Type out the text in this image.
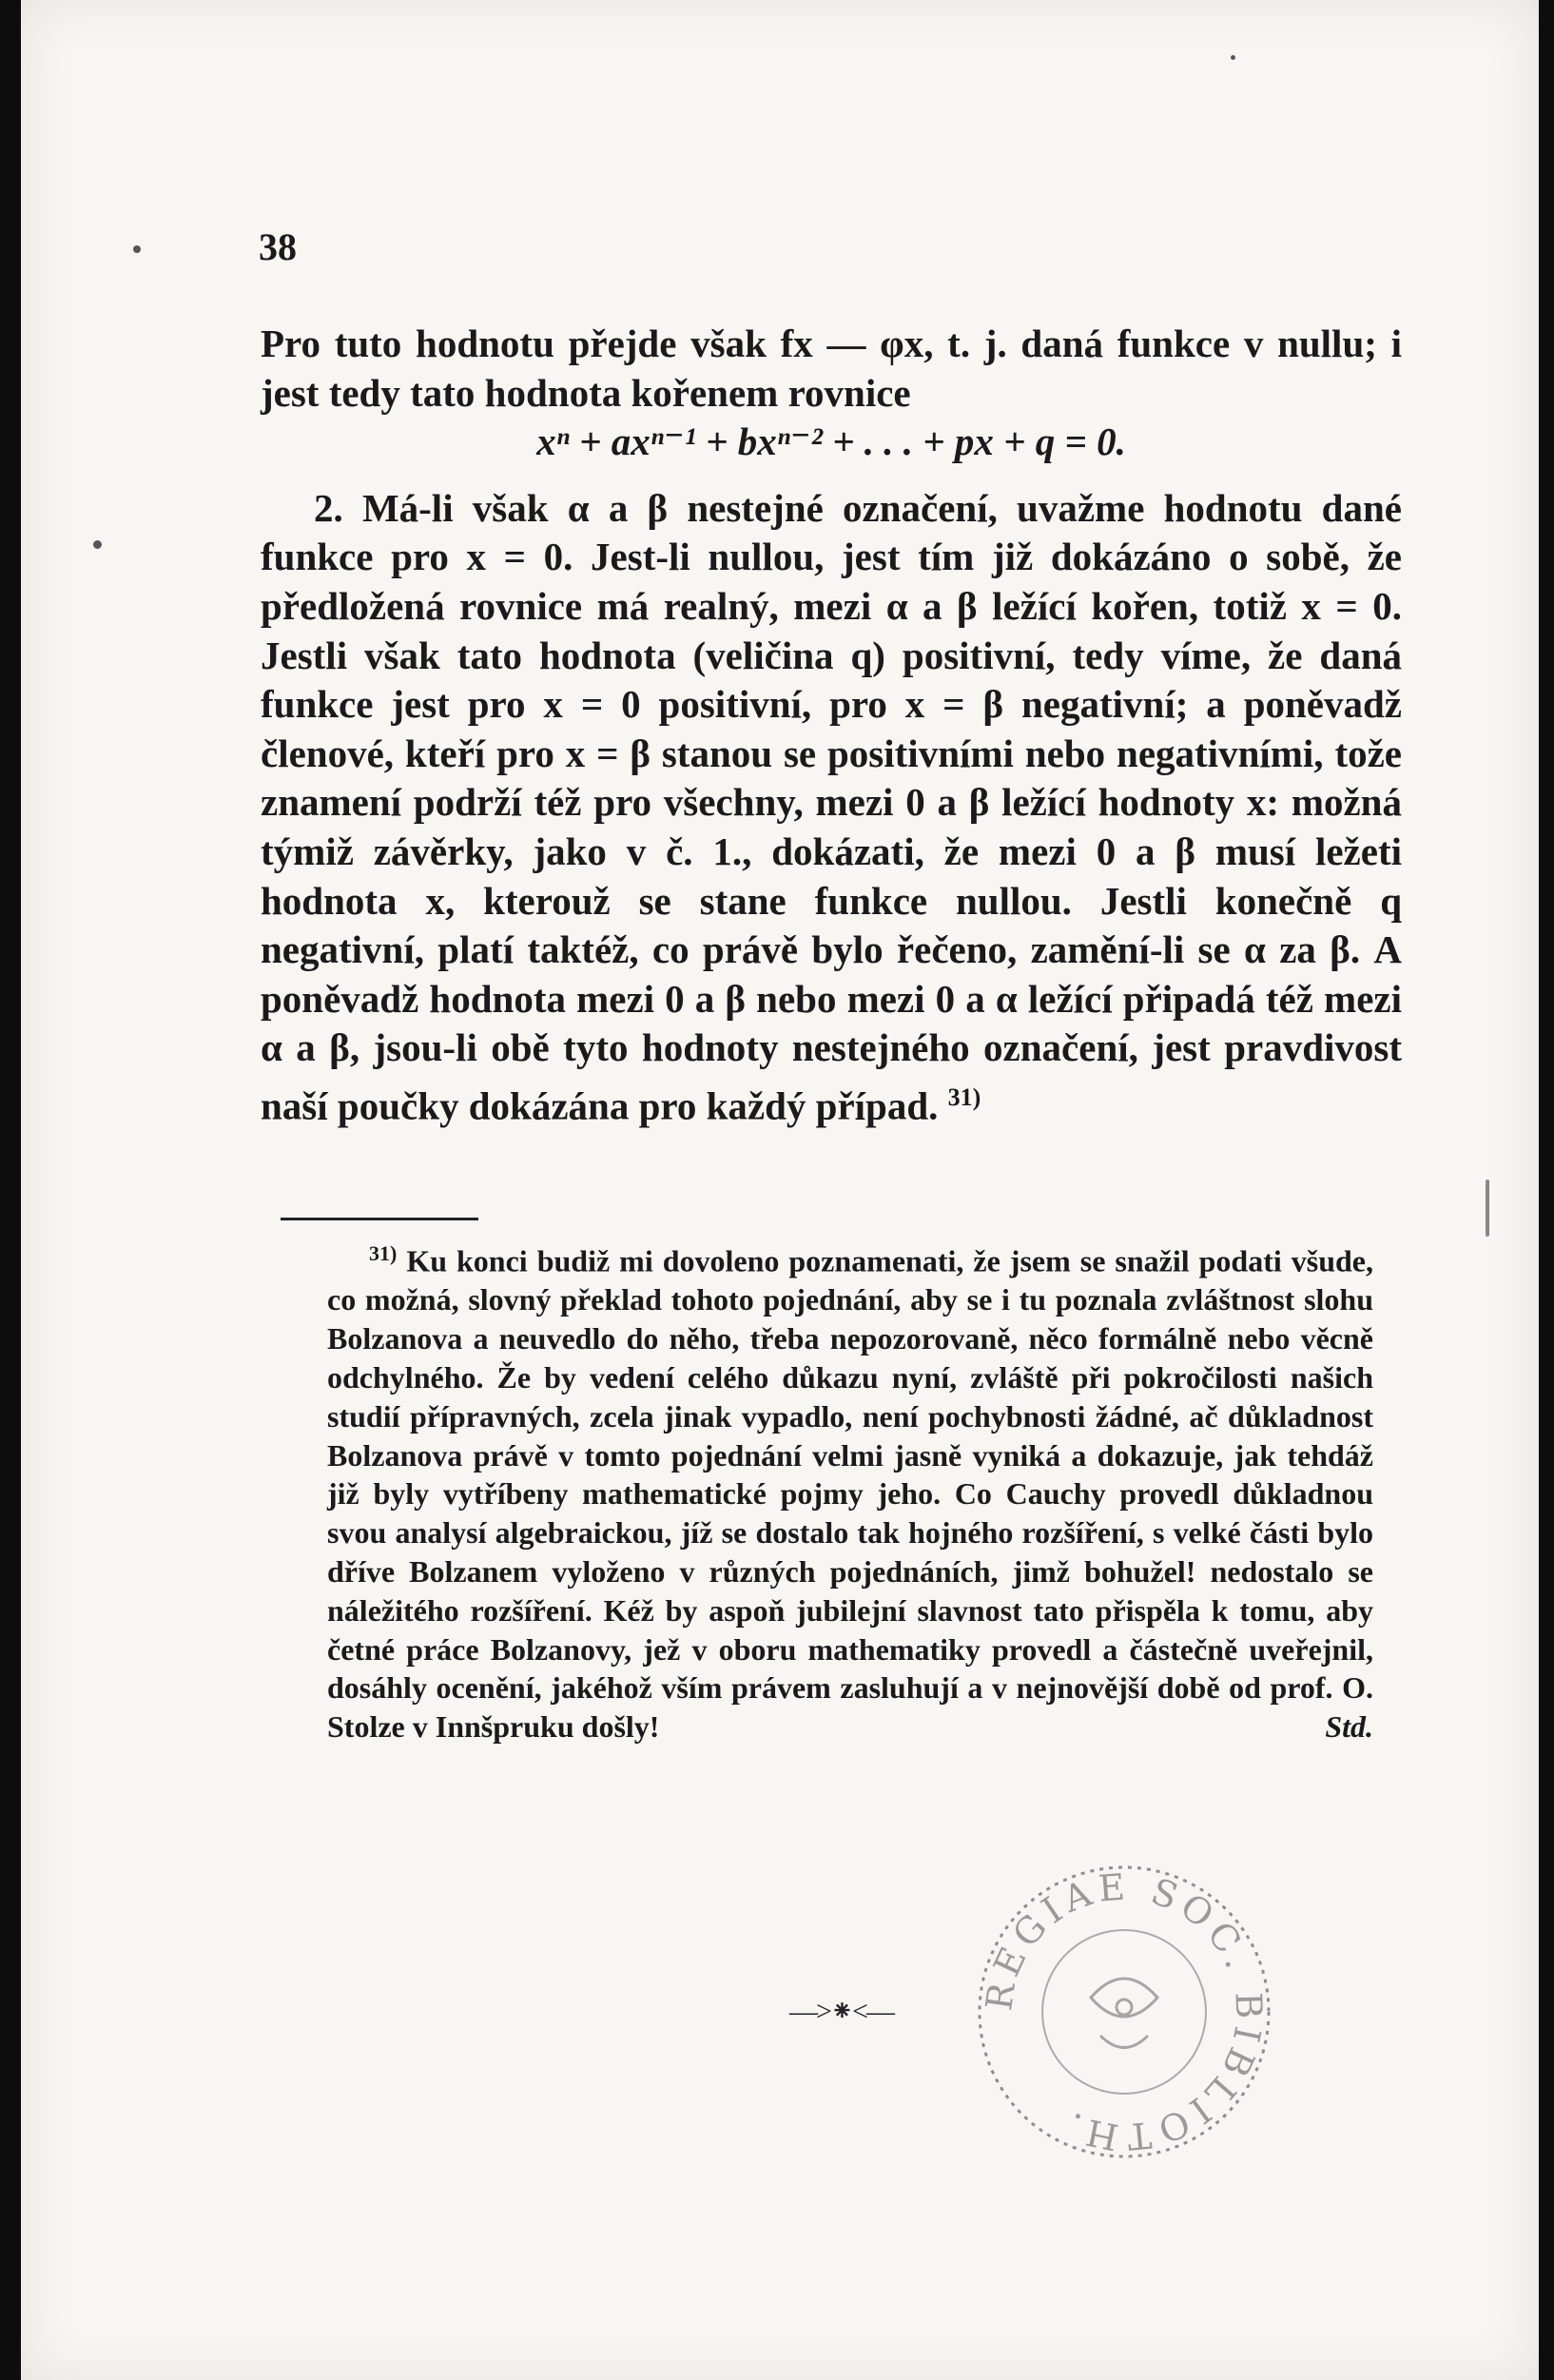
38

Pro tuto hodnotu přejde však fx — φx, t. j. daná funkce v nullu; i jest tedy tato hodnota kořenem rovnice

xⁿ + axⁿ⁻¹ + bxⁿ⁻² + . . . + px + q = 0.

2. Má-li však α a β nestejné označení, uvažme hodnotu dané funkce pro x = 0. Jest-li nullou, jest tím již dokázáno o sobě, že předložená rovnice má realný, mezi α a β ležící kořen, totiž x = 0. Jestli však tato hodnota (veličina q) positivní, tedy víme, že daná funkce jest pro x = 0 positivní, pro x = β negativní; a poněvadž členové, kteří pro x = β stanou se positivními nebo negativními, tože znamení podrží též pro všechny, mezi 0 a β ležící hodnoty x: možná týmiž závěrky, jako v č. 1., dokázati, že mezi 0 a β musí ležeti hodnota x, kterouž se stane funkce nullou. Jestli konečně q negativní, platí taktéž, co právě bylo řečeno, zamění-li se α za β. A poněvadž hodnota mezi 0 a β nebo mezi 0 a α ležící připadá též mezi α a β, jsou-li obě tyto hodnoty nestejného označení, jest pravdivost naší poučky dokázána pro každý případ. $^{31)}$

$^{31)}$ Ku konci budiž mi dovoleno poznamenati, že jsem se snažil podati všude, co možná, slovný překlad tohoto pojednání, aby se i tu poznala zvláštnost slohu Bolzanova a neuvedlo do něho, třeba nepozorovaně, něco formálně nebo věcně odchylného. Že by vedení celého důkazu nyní, zvláště při pokročilosti našich studií přípravných, zcela jinak vypadlo, není pochybnosti žádné, ač důkladnost Bolzanova právě v tomto pojednání velmi jasně vyniká a dokazuje, jak tehdáž již byly vytříbeny mathematické pojmy jeho. Co Cauchy provedl důkladnou svou analysí algebraickou, jíž se dostalo tak hojného rozšíření, s velké části bylo dříve Bolzanem vyloženo v různých pojednáních, jimž bohužel! nedostalo se náležitého rozšíření. Kéž by aspoň jubilejní slavnost tato přispěla k tomu, aby četné práce Bolzanovy, jež v oboru mathematiky provedl a částečně uveřejnil, dosáhly ocenění, jakéhož vším právem zasluhují a v nejnovější době od prof. O. Stolze v Innšpruku došly!	Std.
—>⁕<— REGIAE SOC. BIBLIOTH.
